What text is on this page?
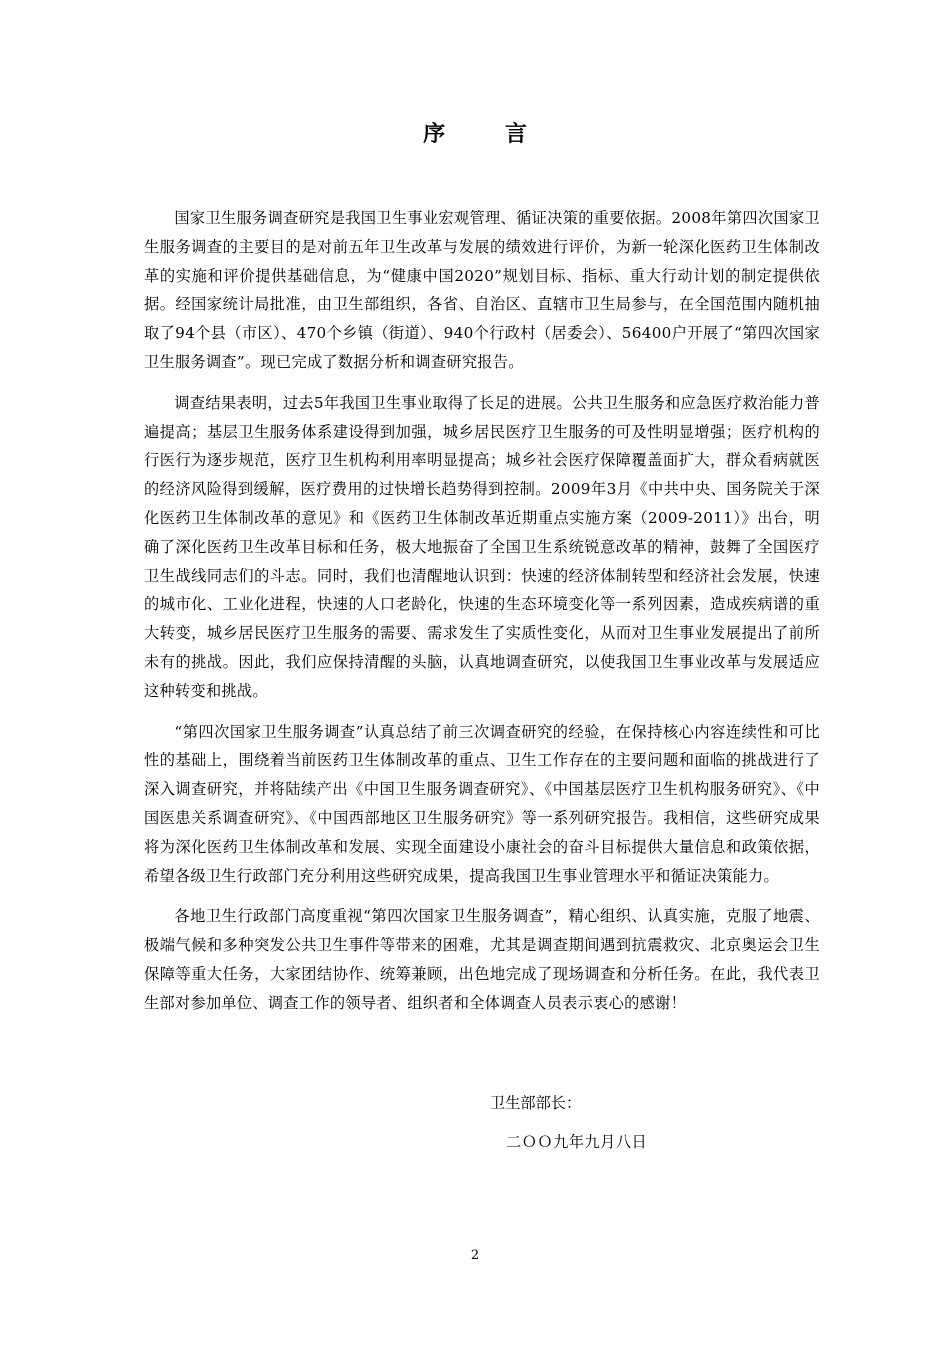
序 言

国家卫生服务调查研究是我国卫生事业宏观管理、循证决策的重要依据。2008年第四次国家卫生服务调查的主要目的是对前五年卫生改革与发展的绩效进行评价，为新一轮深化医药卫生体制改革的实施和评价提供基础信息，为“健康中国2020”规划目标、指标、重大行动计划的制定提供依据。经国家统计局批准，由卫生部组织，各省、自治区、直辖市卫生局参与，在全国范围内随机抽取了94个县（市区）、470个乡镇（街道）、940个行政村（居委会）、56400户开展了“第四次国家卫生服务调查”。现已完成了数据分析和调查研究报告。

调查结果表明，过去5年我国卫生事业取得了长足的进展。公共卫生服务和应急医疗救治能力普遍提高；基层卫生服务体系建设得到加强，城乡居民医疗卫生服务的可及性明显增强；医疗机构的行医行为逐步规范，医疗卫生机构利用率明显提高；城乡社会医疗保障覆盖面扩大，群众看病就医的经济风险得到缓解，医疗费用的过快增长趋势得到控制。2009年3月《中共中央、国务院关于深化医药卫生体制改革的意见》和《医药卫生体制改革近期重点实施方案（2009-2011）》出台，明确了深化医药卫生改革目标和任务，极大地振奋了全国卫生系统锐意改革的精神，鼓舞了全国医疗卫生战线同志们的斗志。同时，我们也清醒地认识到：快速的经济体制转型和经济社会发展，快速的城市化、工业化进程，快速的人口老龄化，快速的生态环境变化等一系列因素，造成疾病谱的重大转变，城乡居民医疗卫生服务的需要、需求发生了实质性变化，从而对卫生事业发展提出了前所未有的挑战。因此，我们应保持清醒的头脑，认真地调查研究，以使我国卫生事业改革与发展适应这种转变和挑战。

“第四次国家卫生服务调查”认真总结了前三次调查研究的经验，在保持核心内容连续性和可比性的基础上，围绕着当前医药卫生体制改革的重点、卫生工作存在的主要问题和面临的挑战进行了深入调查研究，并将陆续产出《中国卫生服务调查研究》、《中国基层医疗卫生机构服务研究》、《中国医患关系调查研究》、《中国西部地区卫生服务研究》等一系列研究报告。我相信，这些研究成果将为深化医药卫生体制改革和发展、实现全面建设小康社会的奋斗目标提供大量信息和政策依据，希望各级卫生行政部门充分利用这些研究成果，提高我国卫生事业管理水平和循证决策能力。

各地卫生行政部门高度重视“第四次国家卫生服务调查”，精心组织、认真实施，克服了地震、极端气候和多种突发公共卫生事件等带来的困难，尤其是调查期间遇到抗震救灾、北京奥运会卫生保障等重大任务，大家团结协作、统筹兼顾，出色地完成了现场调查和分析任务。在此，我代表卫生部对参加单位、调查工作的领导者、组织者和全体调查人员表示衷心的感谢！

卫生部部长：

二ＯＯ九年九月八日

2
